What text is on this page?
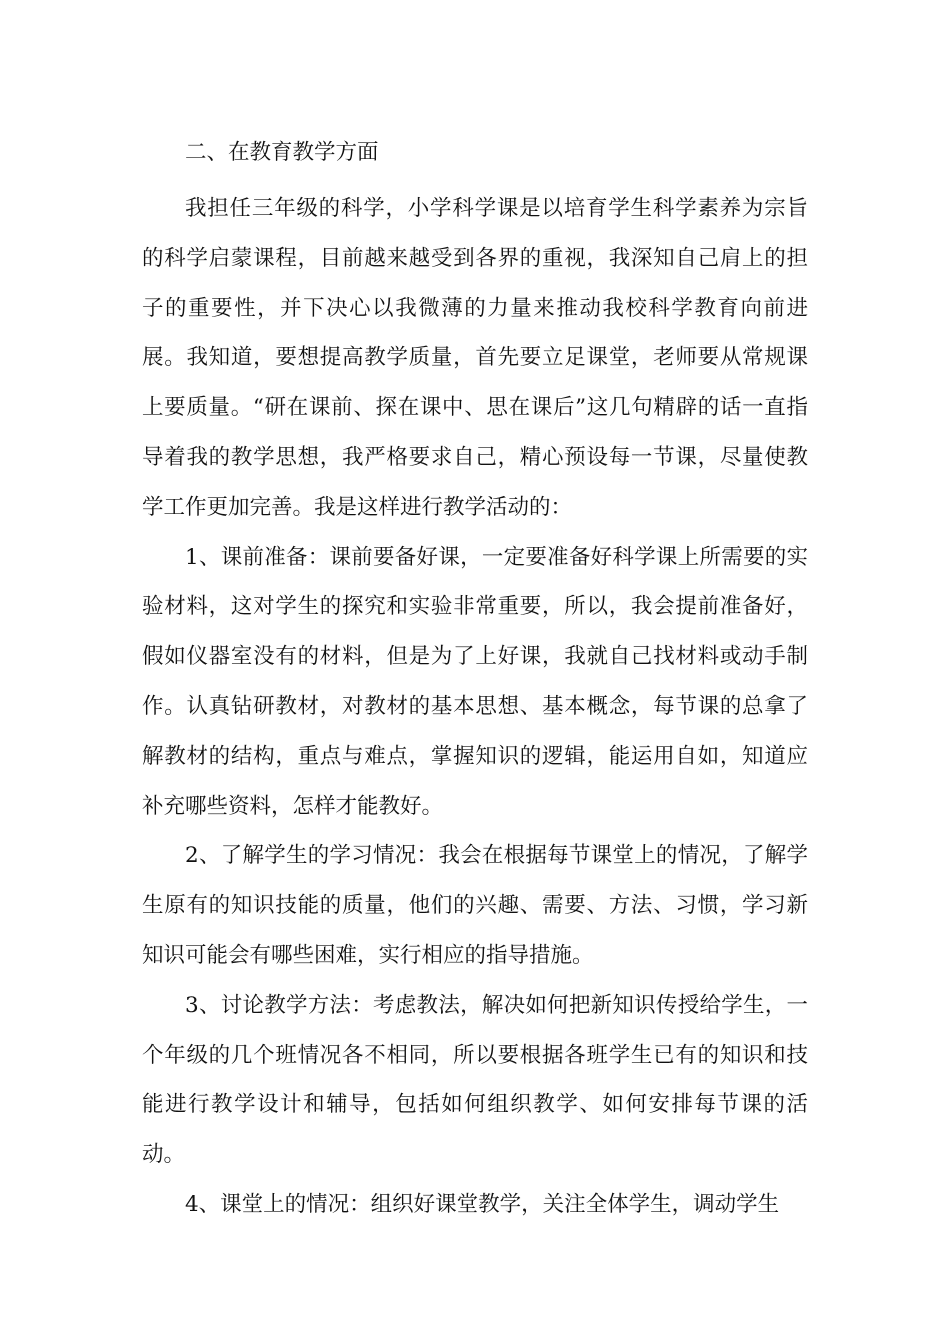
二、在教育教学方面

我担任三年级的科学，小学科学课是以培育学生科学素养为宗旨的科学启蒙课程，目前越来越受到各界的重视，我深知自己肩上的担子的重要性，并下决心以我微薄的力量来推动我校科学教育向前进展。我知道，要想提高教学质量，首先要立足课堂，老师要从常规课上要质量。“研在课前、探在课中、思在课后”这几句精辟的话一直指导着我的教学思想，我严格要求自己，精心预设每一节课，尽量使教学工作更加完善。我是这样进行教学活动的：

1、课前准备：课前要备好课，一定要准备好科学课上所需要的实验材料，这对学生的探究和实验非常重要，所以，我会提前准备好，假如仪器室没有的材料，但是为了上好课，我就自己找材料或动手制作。认真钻研教材，对教材的基本思想、基本概念，每节课的总拿了解教材的结构，重点与难点，掌握知识的逻辑，能运用自如，知道应补充哪些资料，怎样才能教好。

2、了解学生的学习情况：我会在根据每节课堂上的情况，了解学生原有的知识技能的质量，他们的兴趣、需要、方法、习惯，学习新知识可能会有哪些困难，实行相应的指导措施。

3、讨论教学方法：考虑教法，解决如何把新知识传授给学生，一个年级的几个班情况各不相同，所以要根据各班学生已有的知识和技能进行教学设计和辅导，包括如何组织教学、如何安排每节课的活动。

4、课堂上的情况：组织好课堂教学，关注全体学生，调动学生
